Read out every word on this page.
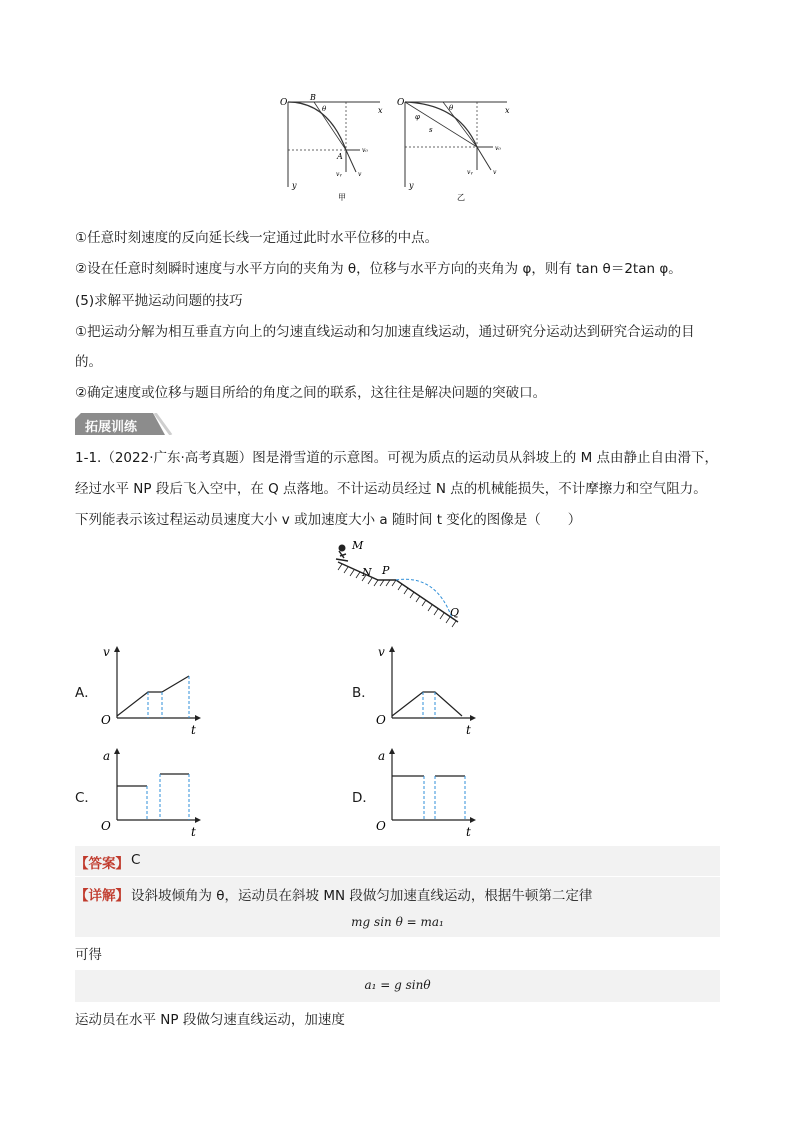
O
x
y
B
θ
A
v₀
vᵧ	v
甲
O
x
y
θ
φ
s
v₀
vᵧ	v
乙
①任意时刻速度的反向延长线一定通过此时水平位移的中点。
②设在任意时刻瞬时速度与水平方向的夹角为 θ，位移与水平方向的夹角为 φ，则有 tan θ＝2tan φ。
(5)求解平抛运动问题的技巧
①把运动分解为相互垂直方向上的匀速直线运动和匀加速直线运动，通过研究分运动达到研究合运动的目
的。
②确定速度或位移与题目所给的角度之间的联系，这往往是解决问题的突破口。
拓展训练
1-1.（2022·广东·高考真题）图是滑雪道的示意图。可视为质点的运动员从斜坡上的 M 点由静止自由滑下，
经过水平 NP 段后飞入空中，在 Q 点落地。不计运动员经过 N 点的机械能损失，不计摩擦力和空气阻力。
下列能表示该过程运动员速度大小 v 或加速度大小 a 随时间 t 变化的图像是（　　）
M
N P
Q
A．
v
O
t
B．
v
O
t
C．
a
O	t
D．
a
O	t
【答案】 C
【详解】 设斜坡倾角为 θ，运动员在斜坡 MN 段做匀加速直线运动，根据牛顿第二定律
mg sin θ = ma₁
可得
a₁ = g sinθ
运动员在水平 NP 段做匀速直线运动，加速度
